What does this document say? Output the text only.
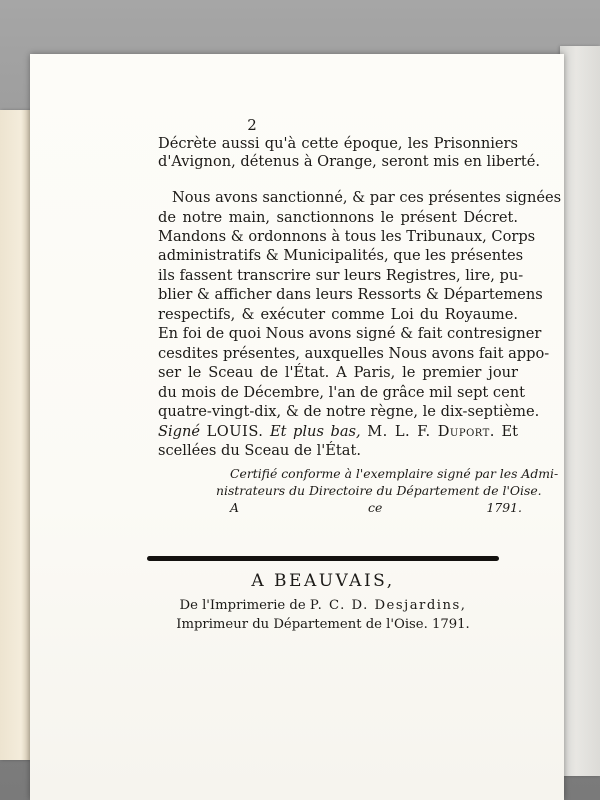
2
Décrète aussi qu'à cette époque, les Prisonniers
d'Avignon, détenus à Orange, seront mis en liberté.
Nous avons sanctionné, & par ces présentes signées
de notre main, sanctionnons le présent Décret.
Mandons & ordonnons à tous les Tribunaux, Corps
administratifs & Municipalités, que les présentes
ils fassent transcrire sur leurs Registres, lire, pu-
blier & afficher dans leurs Ressorts & Départemens
respectifs, & exécuter comme Loi du Royaume.
En foi de quoi Nous avons signé & fait contresigner
cesdites présentes, auxquelles Nous avons fait appo-
ser le Sceau de l'État. A Paris, le premier jour
du mois de Décembre, l'an de grâce mil sept cent
quatre-vingt-dix, & de notre règne, le dix-septième.
Signé LOUIS. Et plus bas, M. L. F. Duport. Et
scellées du Sceau de l'État.
Certifié conforme à l'exemplaire signé par les Admi-
nistrateurs du Directoire du Département de l'Oise.
A	ce	1791.
A BEAUVAIS,
De l'Imprimerie de P. C. D. Desjardins,
Imprimeur du Département de l'Oise. 1791.
